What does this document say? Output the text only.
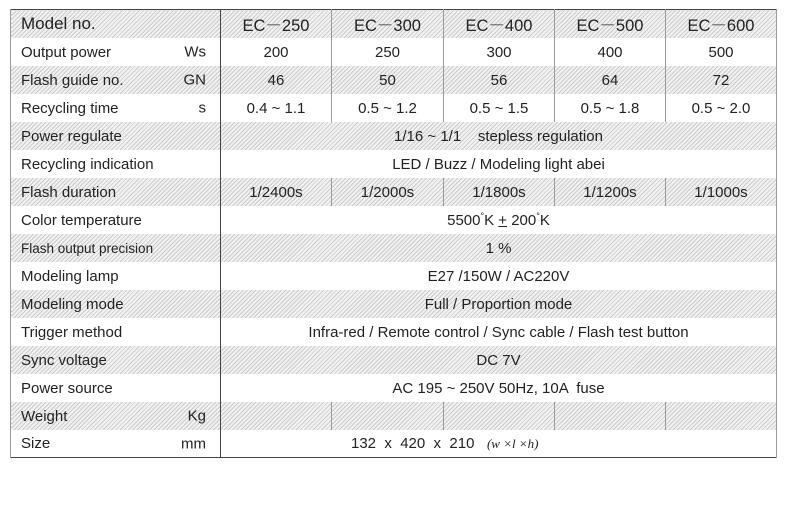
Model no.	EC－250	EC－300	EC－400	EC－500	EC－600
Output power Ws	200	250	300	400	500
Flash guide no. GN	46	50	56	64	72
Recycling time s	0.4 ~ 1.1	0.5 ~ 1.2	0.5 ~ 1.5	0.5 ~ 1.8	0.5 ~ 2.0
Power regulate	1/16 ~ 1/1    stepless regulation				
Recycling indication	LED / Buzz / Modeling light abei				
Flash duration	1/2400s	1/2000s	1/1800s	1/1200s	1/1000s
Color temperature	5500°K + 200°K				
Flash output precision	1 %				
Modeling lamp	E27 /150W / AC220V				
Modeling mode	Full / Proportion mode				
Trigger method	Infra-red / Remote control / Sync cable / Flash test button				
Sync voltage	DC 7V				
Power source	AC 195 ~ 250V 50Hz, 10A  fuse				
Weight Kg					

Size mm	132  x  420  x  210 (w ×l ×h)				
